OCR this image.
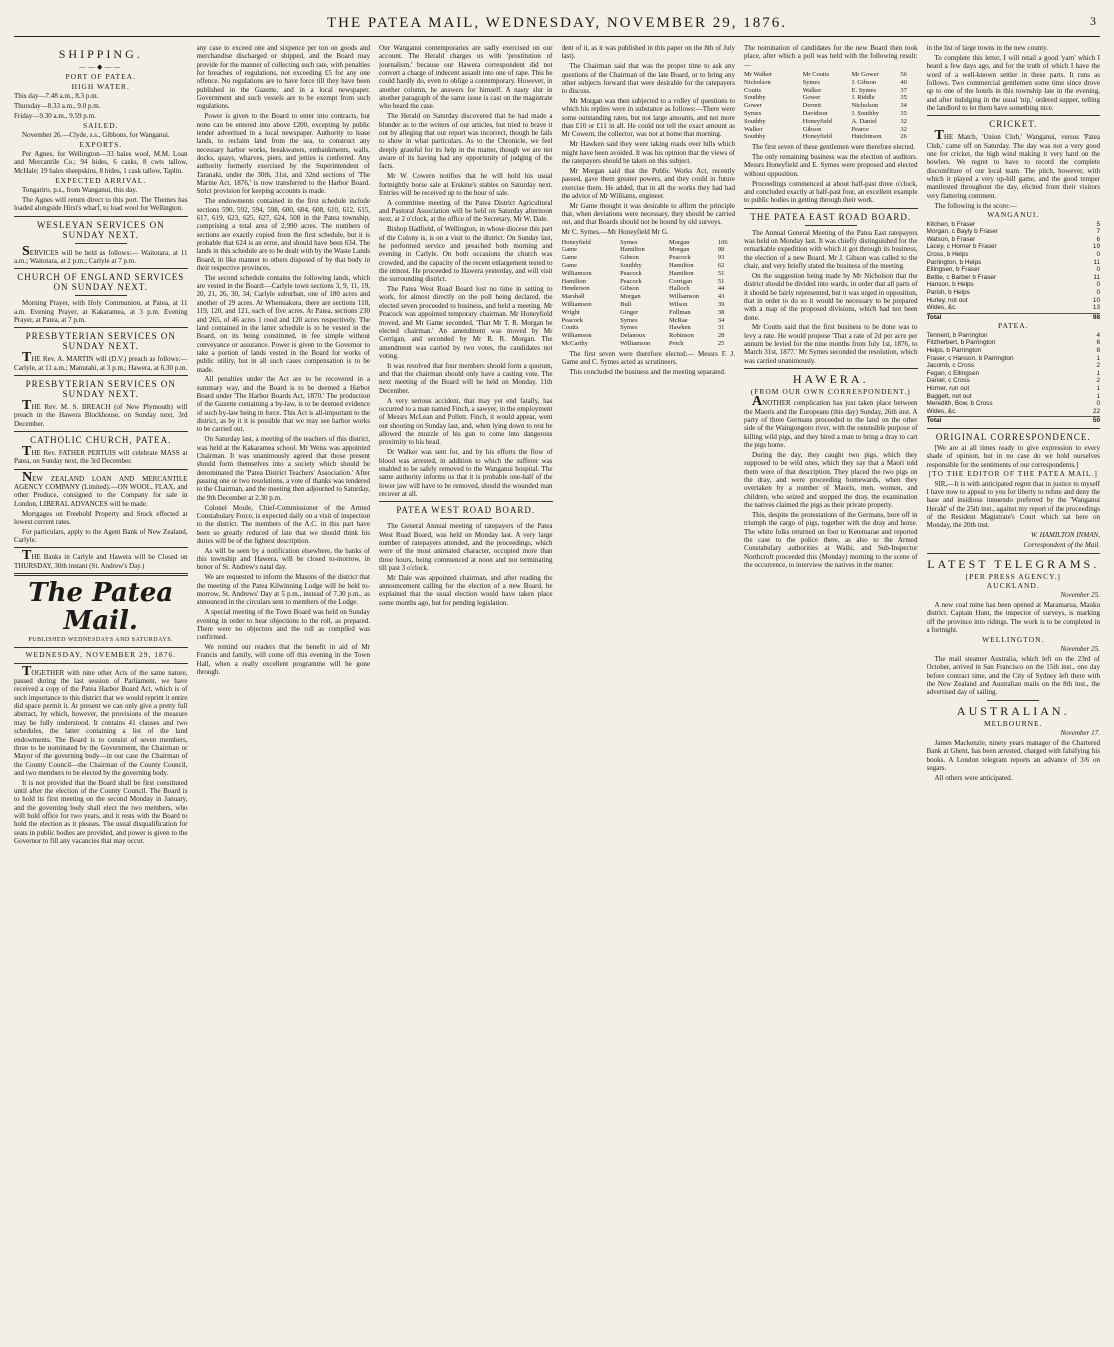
THE PATEA MAIL, WEDNESDAY, NOVEMBER 29, 1876.	3
SHIPPING.
——◆——
PORT OF PATEA.
HIGH WATER.

This day—7.48 a.m., 8.3 p.m.

Thursday—8.33 a.m., 9.0 p.m.

Friday—9.30 a.m., 9.59 p.m.

SAILED.

November 26.—Clyde, s.s., Gibbons, for Wanganui.

EXPORTS.

Per Agnes, for Wellington—33 bales wool, M.M. Loan and Mercantile Co.; 94 hides, 6 casks, 8 cwts tallow, McHale; 19 bales sheepskins, 8 hides, 1 cask tallow, Taplin.

EXPECTED ARRIVAL.

Tongariro, p.s., from Wanganui, this day.

The Agnes will return direct to this port. The Themes has loaded alongside Hirst's wharf, to load wool for Wellington.

WESLEYAN SERVICES ON SUNDAY NEXT.

SERVICES will be held as follows:— Waitotara, at 11 a.m.; Waitotara, at 2 p.m.; Carlyle at 7 p.m.

CHURCH OF ENGLAND SERVICES ON SUNDAY NEXT.

Morning Prayer, with Holy Communion, at Patea, at 11 a.m. Evening Prayer, at Kakaramea, at 3 p.m. Evening Prayer, at Patea, at 7 p.m.

PRESBYTERIAN SERVICES ON SUNDAY NEXT.

THE Rev. A. MARTIN will (D.V.) preach as follows:— Carlyle, at 11 a.m.; Manutahi, at 3 p.m.; Hawera, at 6.30 p.m.

PRESBYTERIAN SERVICES ON SUNDAY NEXT.

THE Rev. M. S. BREACH (of New Plymouth) will preach in the Hawera Blockhouse, on Sunday next, 3rd December.

CATHOLIC CHURCH, PATEA.

THE Rev. FATHER PERTUIS will celebrate MASS at Patea, on Sunday next, the 3rd December.

NEW ZEALAND LOAN AND MERCANTILE AGENCY COMPANY (Limited).—ON WOOL, FLAX, and other Produce, consigned to the Company for sale in London, LIBERAL ADVANCES will be made.

Mortgages on Freehold Property and Stock effected at lowest current rates.

For particulars, apply to the Agent Bank of New Zealand, Carlyle.

THE Banks in Carlyle and Hawera will be Closed on THURSDAY, 30th instant (St. Andrew's Day.)

The Patea Mail.
PUBLISHED WEDNESDAYS AND SATURDAYS.
WEDNESDAY, NOVEMBER 29, 1876.

TOGETHER with nine other Acts of the same nature, passed during the last session of Parliament, we have received a copy of the Patea Harbor Board Act, which is of such importance to this district that we would reprint it entire did space permit it. At present we can only give a pretty full abstract, by which, however, the provisions of the measure may be fully understood. It contains 41 clauses and two schedules, the latter containing a list of the land endowments. The Board is to consist of seven members, three to be nominated by the Government, the Chairman or Mayor of the governing body—in our case the Chairman of the County Council—the Chairman of the County Council, and two members to be elected by the governing body.

It is not provided that the Board shall be first constituted until after the election of the County Council. The Board is to hold its first meeting on the second Monday in January, and the governing body shall elect the two members, who will hold office for two years, and it rests with the Board to hold the election as it pleases. The usual disqualification for seats in public bodies are provided, and power is given to the Governor to fill any vacancies that may occur.

any case to exceed one and sixpence per ton on goods and merchandise discharged or shipped, and the Board may provide for the manner of collecting such rate, with penalties for breaches of regulations, not exceeding £5 for any one offence. No regulations are to have force till they have been published in the Gazette, and in a local newspaper. Government and such vessels are to be exempt from such regulations.

Power is given to the Board to enter into contracts, but none can be entered into above £200, excepting by public tender advertised in a local newspaper. Authority to lease lands, to reclaim land from the sea, to construct any necessary harbor works, breakwaters, embankments, walls, docks, quays, wharves, piers, and jetties is conferred. Any authority formerly exercised by the Superintendent of Taranaki, under the 30th, 31st, and 32nd sections of 'The Marine Act, 1876,' is now transferred to the Harbor Board. Strict provision for keeping accounts is made.

The endowments contained in the first schedule include sections 590, 592, 594, 598, 600, 604, 608, 610, 612, 615, 617, 619, 623, 625, 627, 624, 508 in the Patea township, comprising a total area of 2,990 acres. The numbers of sections are exactly copied from the first schedule, but it is probable that 624 is an error, and should have been 634. The lands in this schedule are to be dealt with by the Waste Lands Board, in like manner to others disposed of by that body in their respective provinces.

The second schedule contains the following lands, which are vested in the Board:—Carlyle town sections 3, 9, 11, 19, 20, 21, 26, 30, 34; Carlyle suburban, one of 180 acres and another of 29 acres. At Whenuakura, there are sections 118, 119, 120, and 121, each of five acres. At Patea, sections 230 and 265, of 46 acres 1 rood and 120 acres respectively. The land contained in the latter schedule is to be vested in the Board, on its being constituted, in fee simple without conveyance or assurance. Power is given to the Governor to take a portion of lands vested in the Board for works of public utility, but in all such cases compensation is to be made.

All penalties under the Act are to be recovered in a summary way, and the Board is to be deemed a Harbor Board under 'The Harbor Boards Act, 1870.' The production of the Gazette containing a by-law, is to be deemed evidence of such by-law being in force. This Act is all-important to the district, as by it it is possible that we may see harbor works to be carried out.

On Saturday last, a meeting of the teachers of this district, was held at the Kakaramea school. Mr Weiss was appointed Chairman. It was unanimously agreed that those present should form themselves into a society which should be denominated the 'Patea District Teachers' Association.' After passing one or two resolutions, a vote of thanks was tendered to the Chairman, and the meeting then adjourned to Saturday, the 9th December at 2.30 p.m.

Colonel Moule, Chief-Commissioner of the Armed Constabulary Force, is expected daily on a visit of inspection to the district. The members of the A.C. in this part have been so greatly reduced of late that we should think his duties will be of the lightest description.

As will be seen by a notification elsewhere, the banks of this township and Hawera, will be closed to-morrow, in honor of St. Andrew's natal day.

We are requested to inform the Masons of the district that the meeting of the Patea Kilwinning Lodge will be held to-morrow, St. Andrews' Day at 5 p.m., instead of 7.30 p.m., as announced in the circulars sent to members of the Lodge.

A special meeting of the Town Board was held on Sunday evening in order to hear objections to the roll, as prepared. There were no objectors and the roll as compiled was confirmed.

We remind our readers that the benefit in aid of Mr Francis and family, will come off this evening in the Town Hall, when a really excellent programme will be gone through.

Our Wanganui contemporaries are sadly exercised on our account. The Herald charges us with 'prostitution of journalism,' because our Hawera correspondent did not convert a charge of indecent assault into one of rape. This he could hardly do, even to oblige a contemporary. However, in another column, he answers for himself. A nasty slur in another paragraph of the same issue is cast on the magistrate who heard the case.

The Herald on Saturday discovered that he had made a blunder as to the writers of our articles, but tried to brave it out by alleging that our report was incorrect, though he fails to show in what particulars. As to the Chronicle, we feel deeply grateful for its help in the matter, though we are not aware of its having had any opportunity of judging of the facts.

Mr W. Cowern notifies that he will hold his usual fortnightly horse sale at Erskine's stables on Saturday next. Entries will be received up to the hour of sale.

A committee meeting of the Patea District Agricultural and Pastoral Association will be held on Saturday afternoon next, at 2 o'clock, at the office of the Secretary, Mr W. Dale.

Bishop Hadfield, of Wellington, in whose diocese this part of the Colony is, is on a visit to the district. On Sunday last, he performed service and preached both morning and evening in Carlyle. On both occasions the church was crowded, and the capacity of the recent enlargement tested to the utmost. He proceeded to Hawera yesterday, and will visit the surrounding district.

The Patea West Road Board lost no time in setting to work, for almost directly on the poll being declared, the elected seven proceeded to business, and held a meeting. Mr Peacock was appointed temporary chairman. Mr Honeyfield moved, and Mr Game seconded, 'That Mr T. R. Morgan be elected chairman.' An amendment was moved by Mr Corrigan, and seconded by Mr R. R. Morgan. The amendment was carried by two votes, the candidates not voting.

It was resolved that four members should form a quorum, and that the chairman should only have a casting vote. The next meeting of the Board will be held on Monday, 11th December.

A very serious accident, that may yet end fatally, has occurred to a man named Finch, a sawyer, in the employment of Messrs McLean and Pollett. Finch, it would appear, went out shooting on Sunday last, and, when lying down to rest he allowed the muzzle of his gun to come into dangerous proximity to his head.

Dr Walker was sent for, and by his efforts the flow of blood was arrested, in addition to which the sufferer was enabled to be safely removed to the Wanganui hospital. The same authority informs us that it is probable one-half of the lower jaw will have to be removed, should the wounded man recover at all.

PATEA WEST ROAD BOARD.

The General Annual meeting of ratepayers of the Patea West Road Board, was held on Monday last. A very large number of ratepayers attended, and the proceedings, which were of the most animated character, occupied more than three hours, being commenced at noon and not terminating till past 3 o'clock.

Mr Dale was appointed chairman, and after reading the announcement calling for the election of a new Board, he explained that the usual election would have taken place some months ago, but for pending legislation.

dent of it, as it was published in this paper on the 8th of July last).

The Chairman said that was the proper time to ask any questions of the Chairman of the late Board, or to bring any other subjects forward that were desirable for the ratepayers to discuss.

Mr Morgan was then subjected to a volley of questions to which his replies were in substance as follows:—There were some outstanding rates, but not large amounts, and not more than £10 or £11 in all. He could not tell the exact amount as Mr Cowern, the collector, was not at home that morning.

Mr Hawken said they were taking roads over hills which might have been avoided. It was his opinion that the views of the ratepayers should be taken on this subject.

Mr Morgan said that the Public Works Act, recently passed, gave them greater powers, and they could in future exercise them. He added, that in all the works they had had the advice of Mr Williams, engineer.

Mr Game thought it was desirable to affirm the principle that, when deviations were necessary, they should be carried out, and that Boards should not be bound by old surveys.

Mr C. Symes.—Mr Honeyfield Mr G.

Honeyfield	Symes	Morgan	106
Game	Hamilton	Morgan	98
Game	Gibson	Peacock	93
Game	Southby	Hamilton	62
Williamson	Peacock	Hamilton	51
Hamilton	Peacock	Corrigan	51
Henderson	Gibson	Halloch	44
Marshall	Morgan	Williamson	43
Williamson	Bull	Wilson	39
Wright	Ginger	Follman	38
Peacock	Symes	McRae	34
Coutts	Symes	Hawken	31
Williamson	Delanoux	Robinson	28
McCarthy	Williamson	Petch	25

The first seven were therefore elected:— Messrs F. J. Game and C. Symes acted as scrutineers.

This concluded the business and the meeting separated.

The nomination of candidates for the new Board then took place, after which a poll was held with the following result:—

Mr Walker	Mr Coutts	Mr Gower	56
Nicholson	Symes	J. Gibson	40
Coutts	Walker	E. Symes	37
Southby	Gower	J. Riddle	35
Gower	Derrett	Nicholson	34
Symes	Davidson	J. Southby	35
Southby	Honeyfield	A. Daniel	32
Walker	Gibson	Pearce	32
Southby	Honeyfield	Hutchinson	26

The first seven of these gentlemen were therefore elected.

The only remaining business was the election of auditors. Messrs Honeyfield and E. Symes were proposed and elected without opposition.

Proceedings commenced at about half-past three o'clock, and concluded exactly at half-past four, an excellent example to public bodies in getting through their work.

THE PATEA EAST ROAD BOARD.

The Annual General Meeting of the Patea East ratepayers was held on Monday last. It was chiefly distinguished for the remarkable expedition with which it got through its business, the election of a new Board. Mr J. Gibson was called to the chair, and very briefly stated the business of the meeting.

On the suggestion being made by Mr Nicholson that the district should be divided into wards, in order that all parts of it should be fairly represented, but it was urged in opposition, that in order to do so it would be necessary to be prepared with a map of the proposed divisions, which had not been done.

Mr Coutts said that the first business to be done was to levy a rate. He would propose 'That a rate of 2d per acre per annum be levied for the nine months from July 1st, 1876, to March 31st, 1877.' Mr Symes seconded the resolution, which was carried unanimously.

HAWERA.
(FROM OUR OWN CORRESPONDENT.)

ANOTHER complication has just taken place between the Maoris and the Europeans (this day) Sunday, 26th inst. A party of three Germans proceeded to the land on the other side of the Waingongoro river, with the ostensible purpose of killing wild pigs, and they hired a man to bring a dray to cart the pigs home.

During the day, they caught two pigs, which they supposed to be wild ones, which they say that a Maori told them were of that description. They placed the two pigs on the dray, and were proceeding homewards, when they overtaken by a number of Maoris, men, women, and children, who seized and stopped the dray, the examination the natives claimed the pigs as their private property.

This, despite the protestations of the Germans, bore off in triumph the cargo of pigs, together with the dray and horse. The white folks returned on foot to Ketemarae and reported the case to the police there, as also to the Armed Constabulary authorities at Waihi, and Sub-Inspector Northcroft proceeded this (Monday) morning to the scene of the occurrence, to interview the natives in the matter.

in the list of large towns in the new county.

To complete this letter, I will retail a good 'yarn' which I heard a few days ago, and for the truth of which I have the word of a well-known settler in these parts. It runs as follows. Two commercial gentlemen some time since drove up to one of the hotels in this township late in the evening, and after indulging in the usual 'nip,' ordered supper, telling the landlord to let them have something nice.

CRICKET.

THE Match, 'Union Club,' Wanganui, versus 'Patea Club,' came off on Saturday. The day was not a very good one for cricket, the high wind making it very hard on the bowlers. We regret to have to record the complete discomfiture of our local team. The pitch, however, with which it played a very up-hill game, and the good temper manifested throughout the day, elicited from their visitors very flattering comment.

The following is the score:—

WANGANUI.
Kitchen, b Fraser	5
Morgan, c Bayly b Fraser	7
Watson, b Fraser	6
Lacey, c Horner b Fraser	19
Cross, b Helps	0
Parrington, b Helps	11
Ellingsen, b Fraser	0
Bettie, c Barber b Fraser	11
Hanson, b Helps	0
Parish, b Helps	0
Hurley, not out	10
Wides, &c.	13
Total	98
PATEA.
Tennent, b Parrington	4
Fitzherbert, b Parrington	6
Helps, b Parrington	8
Fraser, c Hanson, b Parrington	1
Jacomb, c Cross	2
Fegan, c Ellingsen	1
Daniel, c Cross	2
Horner, run out	1
Baggett, not out	1
Meredith, Bow, b Cross	0
Wides, &c.	22
Total	50
ORIGINAL CORRESPONDENCE.

[We are at all times ready to give expression to every shade of opinion, but in no case do we hold ourselves responsible for the sentiments of our correspondents.]

[TO THE EDITOR OF THE PATEA MAIL.]

SIR,—It is with anticipated regret that in justice to myself I have now to appeal to you for liberty to refute and deny the base and insidious innuendo preferred by the 'Wanganui Herald' of the 25th inst., against my report of the proceedings of the Resident Magistrate's Court which sat here on Monday, the 20th inst.

W. HAMILTON INMAN,

Correspondent of the Mail.

LATEST TELEGRAMS.
[PER PRESS AGENCY.]
AUCKLAND.

November 25.

A new coal mine has been opened at Maramarua, Mauku district. Captain Hunt, the inspector of surveys, is marking off the province into ridings. The work is to be completed in a fortnight.

WELLINGTON.

November 25.

The mail steamer Australia, which left on the 23rd of October, arrived in San Francisco on the 15th inst., one day before contract time, and the City of Sydney left there with the New Zealand and Australian mails on the 8th inst., the advertised day of sailing.

AUSTRALIAN.
MELBOURNE.

November 17.

James Mackenzie, ninety years manager of the Chartered Bank at Ghent, has been arrested, charged with falsifying his books. A London telegram reports an advance of 3/6 on sugars.

All others were anticipated.
